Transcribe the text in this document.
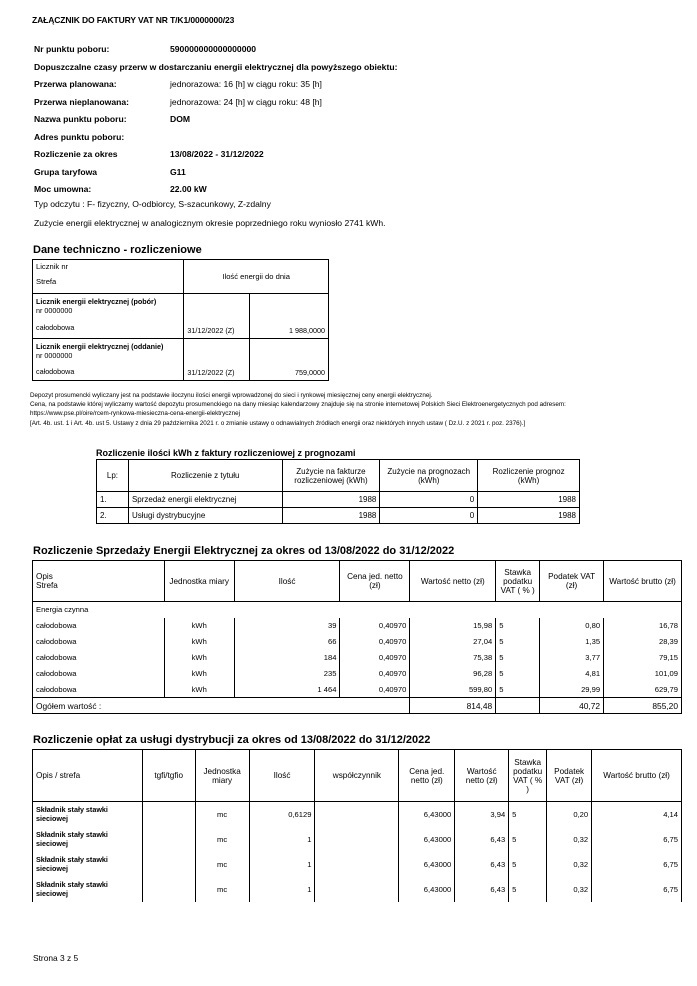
ZAŁĄCZNIK DO FAKTURY VAT NR T/K1/0000000/23
Nr punktu poboru:	590000000000000000
Dopuszczalne czasy przerw w dostarczaniu energii elektrycznej dla powyższego obiektu:
Przerwa planowana:	jednorazowa: 16 [h] w ciągu roku: 35 [h]
Przerwa nieplanowana:	jednorazowa: 24 [h] w ciągu roku: 48 [h]
Nazwa punktu poboru:	DOM
Adres punktu poboru:
Rozliczenie za okres	13/08/2022 - 31/12/2022
Grupa taryfowa	G11
Moc umowna:	22.00 kW
Typ odczytu : F- fizyczny, O-odbiorcy, S-szacunkowy, Z-zdalny
Zużycie energii elektrycznej w analogicznym okresie poprzedniego roku wyniosło 2741 kWh.
Dane techniczno - rozliczeniowe
Licznik nr
Strefa	Ilość energii do dnia	

Licznik energii elektrycznej (pobór)
nr 0000000
całodobowa	31/12/2022 (Z)	1 988,0000

Licznik energii elektrycznej (oddanie)
nr 0000000
całodobowa	31/12/2022 (Z)	759,0000
Depozyt prosumencki wyliczany jest na podstawie iloczynu ilości energii wprowadzonej do sieci i rynkowej miesięcznej ceny energii elektrycznej.
Cena, na podstawie której wyliczamy wartość depozytu prosumenckiego na dany miesiąc kalendarzowy znajduje się na stronie internetowej Polskich Sieci Elektroenergetycznych pod adresem:
https://www.pse.pl/oire/rcem-rynkowa-miesieczna-cena-energii-elektrycznej
[Art. 4b. ust. 1 i Art. 4b. ust 5. Ustawy z dnia 29 października 2021 r. o zmianie ustawy o odnawialnych źródłach energii oraz niektórych innych ustaw ( Dz.U. z 2021 r. poz. 2376).]
Rozliczenie ilości kWh z faktury rozliczeniowej z prognozami
Lp:	Rozliczenie z tytułu	Zużycie na fakturze rozliczeniowej (kWh)	Zużycie na prognozach (kWh)	Rozliczenie prognoz (kWh)
1.	Sprzedaż energii elektrycznej	1988	0	1988
2.	Usługi dystrybucyjne	1988	0	1988
Rozliczenie Sprzedaży Energii Elektrycznej za okres od 13/08/2022 do 31/12/2022
Opis
Strefa	Jednostka miary	Ilość	Cena jed. netto (zł)	Wartość netto (zł)	Stawka podatku VAT ( % )	Podatek VAT (zł)	Wartość brutto (zł)
Energia czynna							
całodobowa	kWh	39	0,40970	15,98	5	0,80	16,78
całodobowa	kWh	66	0,40970	27,04	5	1,35	28,39
całodobowa	kWh	184	0,40970	75,38	5	3,77	79,15
całodobowa	kWh	235	0,40970	96,28	5	4,81	101,09
całodobowa	kWh	1 464	0,40970	599,80	5	29,99	629,79
Ogółem wartość :				814,48		40,72	855,20
Rozliczenie opłat za usługi dystrybucji za okres od 13/08/2022 do 31/12/2022
Opis / strefa	tgfi/tgfio	Jednostka miary	Ilość	współczynnik	Cena jed. netto (zł)	Wartość netto (zł)	Stawka podatku VAT ( % )	Podatek VAT (zł)	Wartość brutto (zł)
Składnik stały stawki sieciowej		mc	0,6129		6,43000	3,94	5	0,20	4,14
Składnik stały stawki sieciowej		mc	1		6,43000	6,43	5	0,32	6,75
Składnik stały stawki sieciowej		mc	1		6,43000	6,43	5	0,32	6,75
Składnik stały stawki sieciowej		mc	1		6,43000	6,43	5	0,32	6,75
Strona 3 z 5
